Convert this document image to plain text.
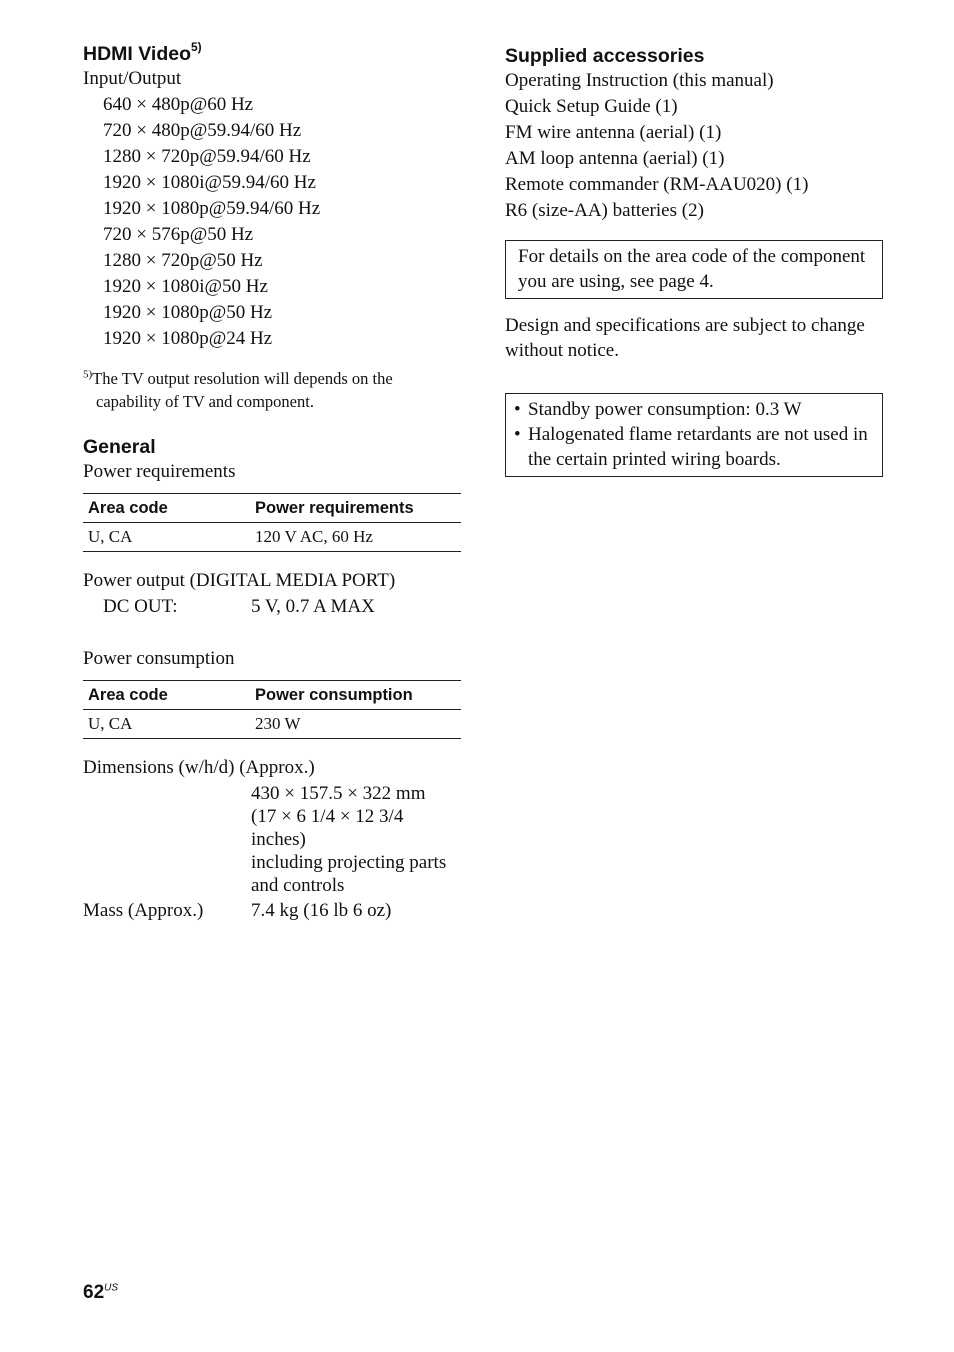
HDMI Video$^{5)}$
Input/Output
640 × 480p@60 Hz
720 × 480p@59.94/60 Hz
1280 × 720p@59.94/60 Hz
1920 × 1080i@59.94/60 Hz
1920 × 1080p@59.94/60 Hz
720 × 576p@50 Hz
1280 × 720p@50 Hz
1920 × 1080i@50 Hz
1920 × 1080p@50 Hz
1920 × 1080p@24 Hz
$^{5)}$The TV output resolution will depends on the capability of TV and component.
General
Power requirements
Area code	Power requirements
U, CA	120 V AC, 60 Hz
Power output (DIGITAL MEDIA PORT)
DC OUT:	5 V, 0.7 A MAX
Power consumption
Area code	Power consumption
U, CA	230 W
Dimensions (w/h/d) (Approx.)
430 × 157.5 × 322 mm
(17 × 6 1/4 × 12 3/4 inches)
including projecting parts
and controls
Mass (Approx.)	7.4 kg (16 lb 6 oz)
Supplied accessories
Operating Instruction (this manual)
Quick Setup Guide (1)
FM wire antenna (aerial) (1)
AM loop antenna (aerial) (1)
Remote commander (RM-AAU020) (1)
R6 (size-AA) batteries (2)
For details on the area code of the component you are using, see page 4.
Design and specifications are subject to change without notice.
• Standby power consumption: 0.3 W
• Halogenated flame retardants are not used in the certain printed wiring boards.
$62^{US}$
